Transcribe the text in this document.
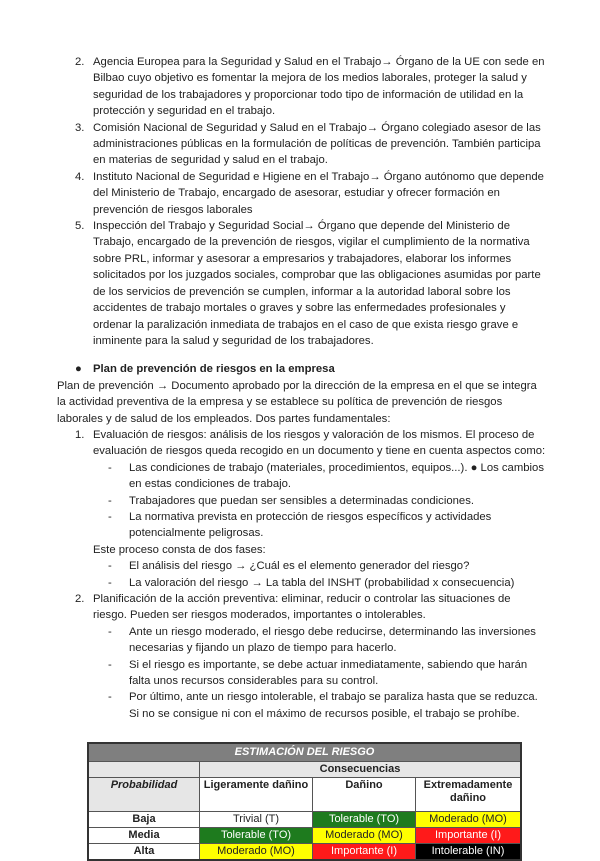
2. Agencia Europea para la Seguridad y Salud en el Trabajo→ Órgano de la UE con sede en Bilbao cuyo objetivo es fomentar la mejora de los medios laborales, proteger la salud y seguridad de los trabajadores y proporcionar todo tipo de información de utilidad en la protección y seguridad en el trabajo.
3. Comisión Nacional de Seguridad y Salud en el Trabajo→ Órgano colegiado asesor de las administraciones públicas en la formulación de políticas de prevención. También participa en materias de seguridad y salud en el trabajo.
4. Instituto Nacional de Seguridad e Higiene en el Trabajo→ Órgano autónomo que depende del Ministerio de Trabajo, encargado de asesorar, estudiar y ofrecer formación en prevención de riesgos laborales
5. Inspección del Trabajo y Seguridad Social→ Órgano que depende del Ministerio de Trabajo, encargado de la prevención de riesgos, vigilar el cumplimiento de la normativa sobre PRL, informar y asesorar a empresarios y trabajadores, elaborar los informes solicitados por los juzgados sociales, comprobar que las obligaciones asumidas por parte de los servicios de prevención se cumplen, informar a la autoridad laboral sobre los accidentes de trabajo mortales o graves y sobre las enfermedades profesionales y ordenar la paralización inmediata de trabajos en el caso de que exista riesgo grave e inminente para la salud y seguridad de los trabajadores.
● Plan de prevención de riesgos en la empresa

Plan de prevención → Documento aprobado por la dirección de la empresa en el que se integra la actividad preventiva de la empresa y se establece su política de prevención de riesgos laborales y de salud de los empleados. Dos partes fundamentales:

1. Evaluación de riesgos: análisis de los riesgos y valoración de los mismos. El proceso de evaluación de riesgos queda recogido en un documento y tiene en cuenta aspectos como:
- Las condiciones de trabajo (materiales, procedimientos, equipos...). ● Los cambios en estas condiciones de trabajo.
- Trabajadores que puedan ser sensibles a determinadas condiciones.
- La normativa prevista en protección de riesgos específicos y actividades potencialmente peligrosas.
Este proceso consta de dos fases:
- El análisis del riesgo → ¿Cuál es el elemento generador del riesgo?
- La valoración del riesgo → La tabla del INSHT (probabilidad x consecuencia)
2. Planificación de la acción preventiva: eliminar, reducir o controlar las situaciones de riesgo. Pueden ser riesgos moderados, importantes o intolerables.
- Ante un riesgo moderado, el riesgo debe reducirse, determinando las inversiones necesarias y fijando un plazo de tiempo para hacerlo.
- Si el riesgo es importante, se debe actuar inmediatamente, sabiendo que harán falta unos recursos considerables para su control.
- Por último, ante un riesgo intolerable, el trabajo se paraliza hasta que se reduzca. Si no se consigue ni con el máximo de recursos posible, el trabajo se prohíbe.
ESTIMACIÓN DEL RIESGO			
	Consecuencias		
Probabilidad	Ligeramente dañino	Dañino	Extremadamente dañino
Baja	Trivial (T)	Tolerable (TO)	Moderado (MO)
Media	Tolerable (TO)	Moderado (MO)	Importante (I)
Alta	Moderado (MO)	Importante (I)	Intolerable (IN)
